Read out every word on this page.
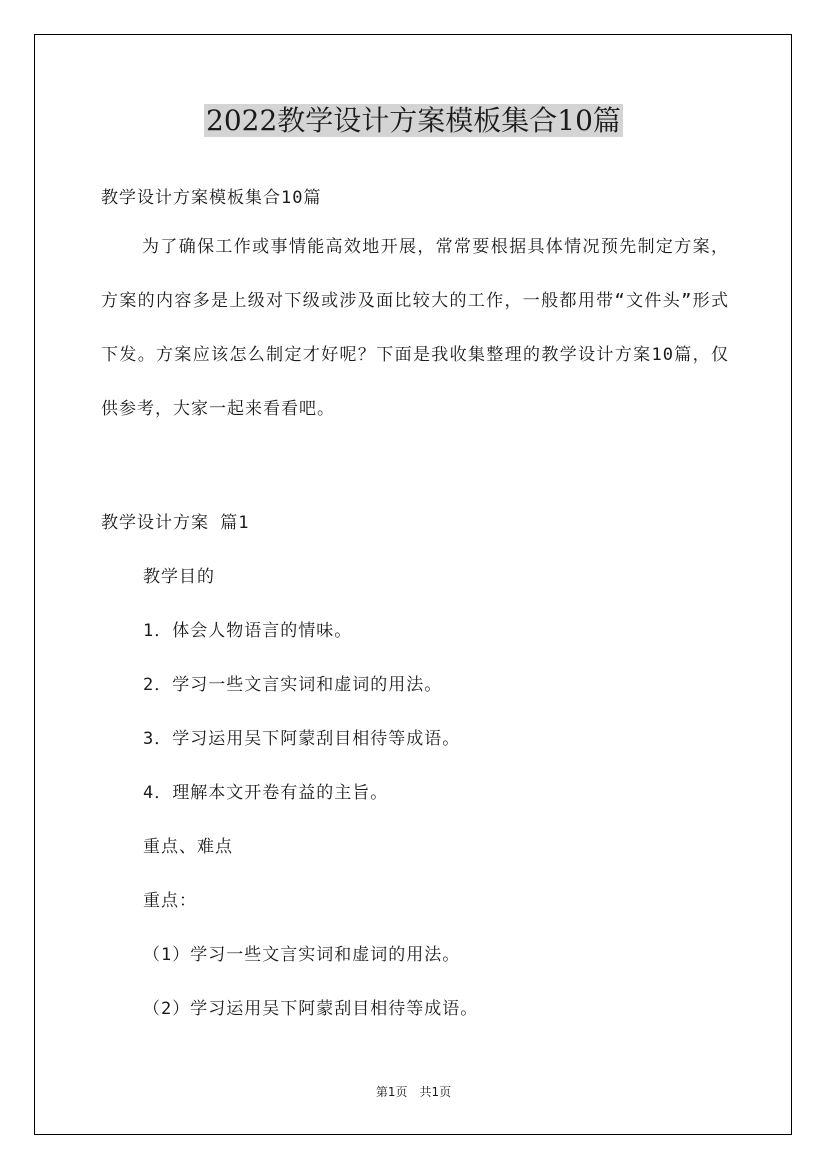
2022教学设计方案模板集合10篇
教学设计方案模板集合10篇
为了确保工作或事情能高效地开展，常常要根据具体情况预先制定方案，方案的内容多是上级对下级或涉及面比较大的工作，一般都用带“文件头”形式下发。方案应该怎么制定才好呢？下面是我收集整理的教学设计方案10篇，仅供参考，大家一起来看看吧。
教学设计方案 篇1
教学目的
1．体会人物语言的情味。
2．学习一些文言实词和虚词的用法。
3．学习运用吴下阿蒙刮目相待等成语。
4．理解本文开卷有益的主旨。
重点、难点
重点：
（1）学习一些文言实词和虚词的用法。
（2）学习运用吴下阿蒙刮目相待等成语。
第1页　共1页
